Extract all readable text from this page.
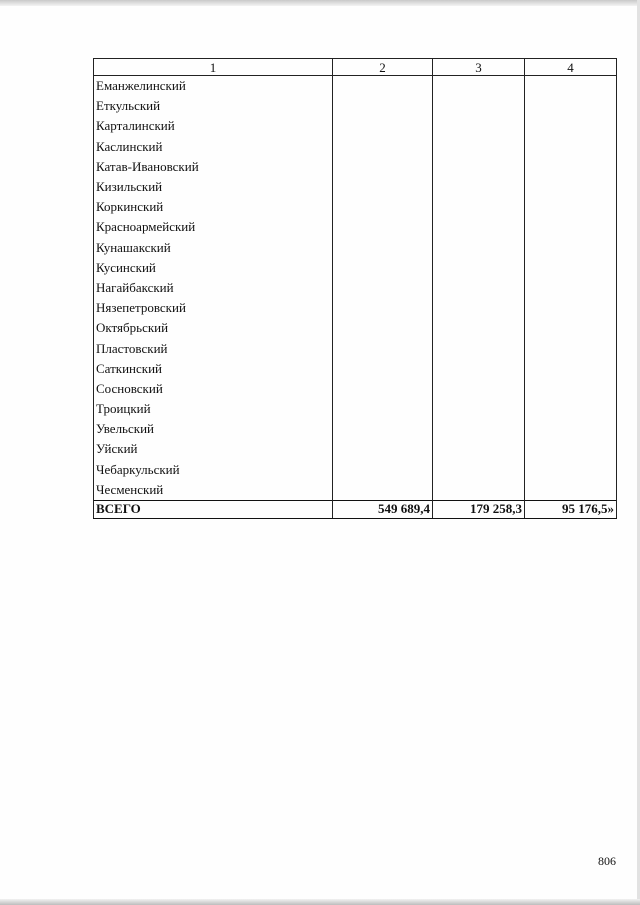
1	2	3	4
Еманжелинский			
Еткульский			
Карталинский			
Каслинский			
Катав-Ивановский			
Кизильский			
Коркинский			
Красноармейский			
Кунашакский			
Кусинский			
Нагайбакский			
Нязепетровский			
Октябрьский			
Пластовский			
Саткинский			
Сосновский			
Троицкий			
Увельский			
Уйский			
Чебаркульский			
Чесменский			
ВСЕГО	549 689,4	179 258,3	95 176,5»
806
